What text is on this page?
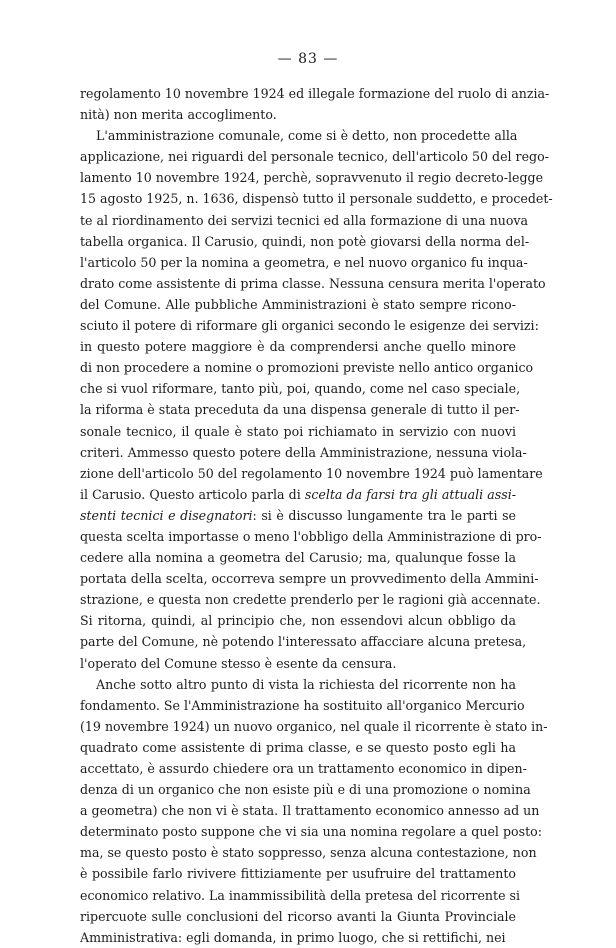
— 83 —
regolamento 10 novembre 1924 ed illegale formazione del ruolo di anzia-
nità) non merita accoglimento.
L'amministrazione comunale, come si è detto, non procedette alla
applicazione, nei riguardi del personale tecnico, dell'articolo 50 del rego-
lamento 10 novembre 1924, perchè, sopravvenuto il regio decreto-legge
15 agosto 1925, n. 1636, dispensò tutto il personale suddetto, e procedet-
te al riordinamento dei servizi tecnici ed alla formazione di una nuova
tabella organica. Il Carusio, quindi, non potè giovarsi della norma del-
l'articolo 50 per la nomina a geometra, e nel nuovo organico fu inqua-
drato come assistente di prima classe. Nessuna censura merita l'operato
del Comune. Alle pubbliche Amministrazioni è stato sempre ricono-
sciuto il potere di riformare gli organici secondo le esigenze dei servizi:
in questo potere maggiore è da comprendersi anche quello minore
di non procedere a nomine o promozioni previste nello antico organico
che si vuol riformare, tanto più, poi, quando, come nel caso speciale,
la riforma è stata preceduta da una dispensa generale di tutto il per-
sonale tecnico, il quale è stato poi richiamato in servizio con nuovi
criteri. Ammesso questo potere della Amministrazione, nessuna viola-
zione dell'articolo 50 del regolamento 10 novembre 1924 può lamentare
il Carusio. Questo articolo parla di scelta da farsi tra gli attuali assi-
stenti tecnici e disegnatori: si è discusso lungamente tra le parti se
questa scelta importasse o meno l'obbligo della Amministrazione di pro-
cedere alla nomina a geometra del Carusio; ma, qualunque fosse la
portata della scelta, occorreva sempre un provvedimento della Ammini-
strazione, e questa non credette prenderlo per le ragioni già accennate.
Si ritorna, quindi, al principio che, non essendovi alcun obbligo da
parte del Comune, nè potendo l'interessato affacciare alcuna pretesa,
l'operato del Comune stesso è esente da censura.
Anche sotto altro punto di vista la richiesta del ricorrente non ha
fondamento. Se l'Amministrazione ha sostituito all'organico Mercurio
(19 novembre 1924) un nuovo organico, nel quale il ricorrente è stato in-
quadrato come assistente di prima classe, e se questo posto egli ha
accettato, è assurdo chiedere ora un trattamento economico in dipen-
denza di un organico che non esiste più e di una promozione o nomina
a geometra) che non vi è stata. Il trattamento economico annesso ad un
determinato posto suppone che vi sia una nomina regolare a quel posto:
ma, se questo posto è stato soppresso, senza alcuna contestazione, non
è possibile farlo rivivere fittiziamente per usufruire del trattamento
economico relativo. La inammissibilità della pretesa del ricorrente si
ripercuote sulle conclusioni del ricorso avanti la Giunta Provinciale
Amministrativa: egli domanda, in primo luogo, che si rettifichi, nei
